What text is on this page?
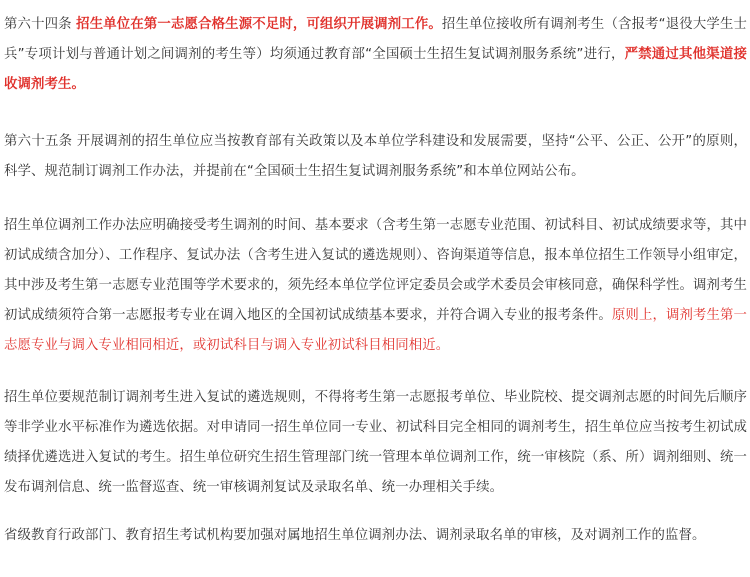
第六十四条 招生单位在第一志愿合格生源不足时，可组织开展调剂工作。招生单位接收所有调剂考生（含报考“退役大学生士兵”专项计划与普通计划之间调剂的考生等）均须通过教育部“全国硕士生招生复试调剂服务系统”进行，严禁通过其他渠道接收调剂考生。

第六十五条 开展调剂的招生单位应当按教育部有关政策以及本单位学科建设和发展需要，坚持“公平、公正、公开”的原则，科学、规范制订调剂工作办法，并提前在“全国硕士生招生复试调剂服务系统”和本单位网站公布。

招生单位调剂工作办法应明确接受考生调剂的时间、基本要求（含考生第一志愿专业范围、初试科目、初试成绩要求等，其中初试成绩含加分）、工作程序、复试办法（含考生进入复试的遴选规则）、咨询渠道等信息，报本单位招生工作领导小组审定，其中涉及考生第一志愿专业范围等学术要求的，须先经本单位学位评定委员会或学术委员会审核同意，确保科学性。调剂考生初试成绩须符合第一志愿报考专业在调入地区的全国初试成绩基本要求，并符合调入专业的报考条件。原则上，调剂考生第一志愿专业与调入专业相同相近，或初试科目与调入专业初试科目相同相近。

招生单位要规范制订调剂考生进入复试的遴选规则，不得将考生第一志愿报考单位、毕业院校、提交调剂志愿的时间先后顺序等非学业水平标准作为遴选依据。对申请同一招生单位同一专业、初试科目完全相同的调剂考生，招生单位应当按考生初试成绩择优遴选进入复试的考生。招生单位研究生招生管理部门统一管理本单位调剂工作，统一审核院（系、所）调剂细则、统一发布调剂信息、统一监督巡查、统一审核调剂复试及录取名单、统一办理相关手续。

省级教育行政部门、教育招生考试机构要加强对属地招生单位调剂办法、调剂录取名单的审核，及对调剂工作的监督。
